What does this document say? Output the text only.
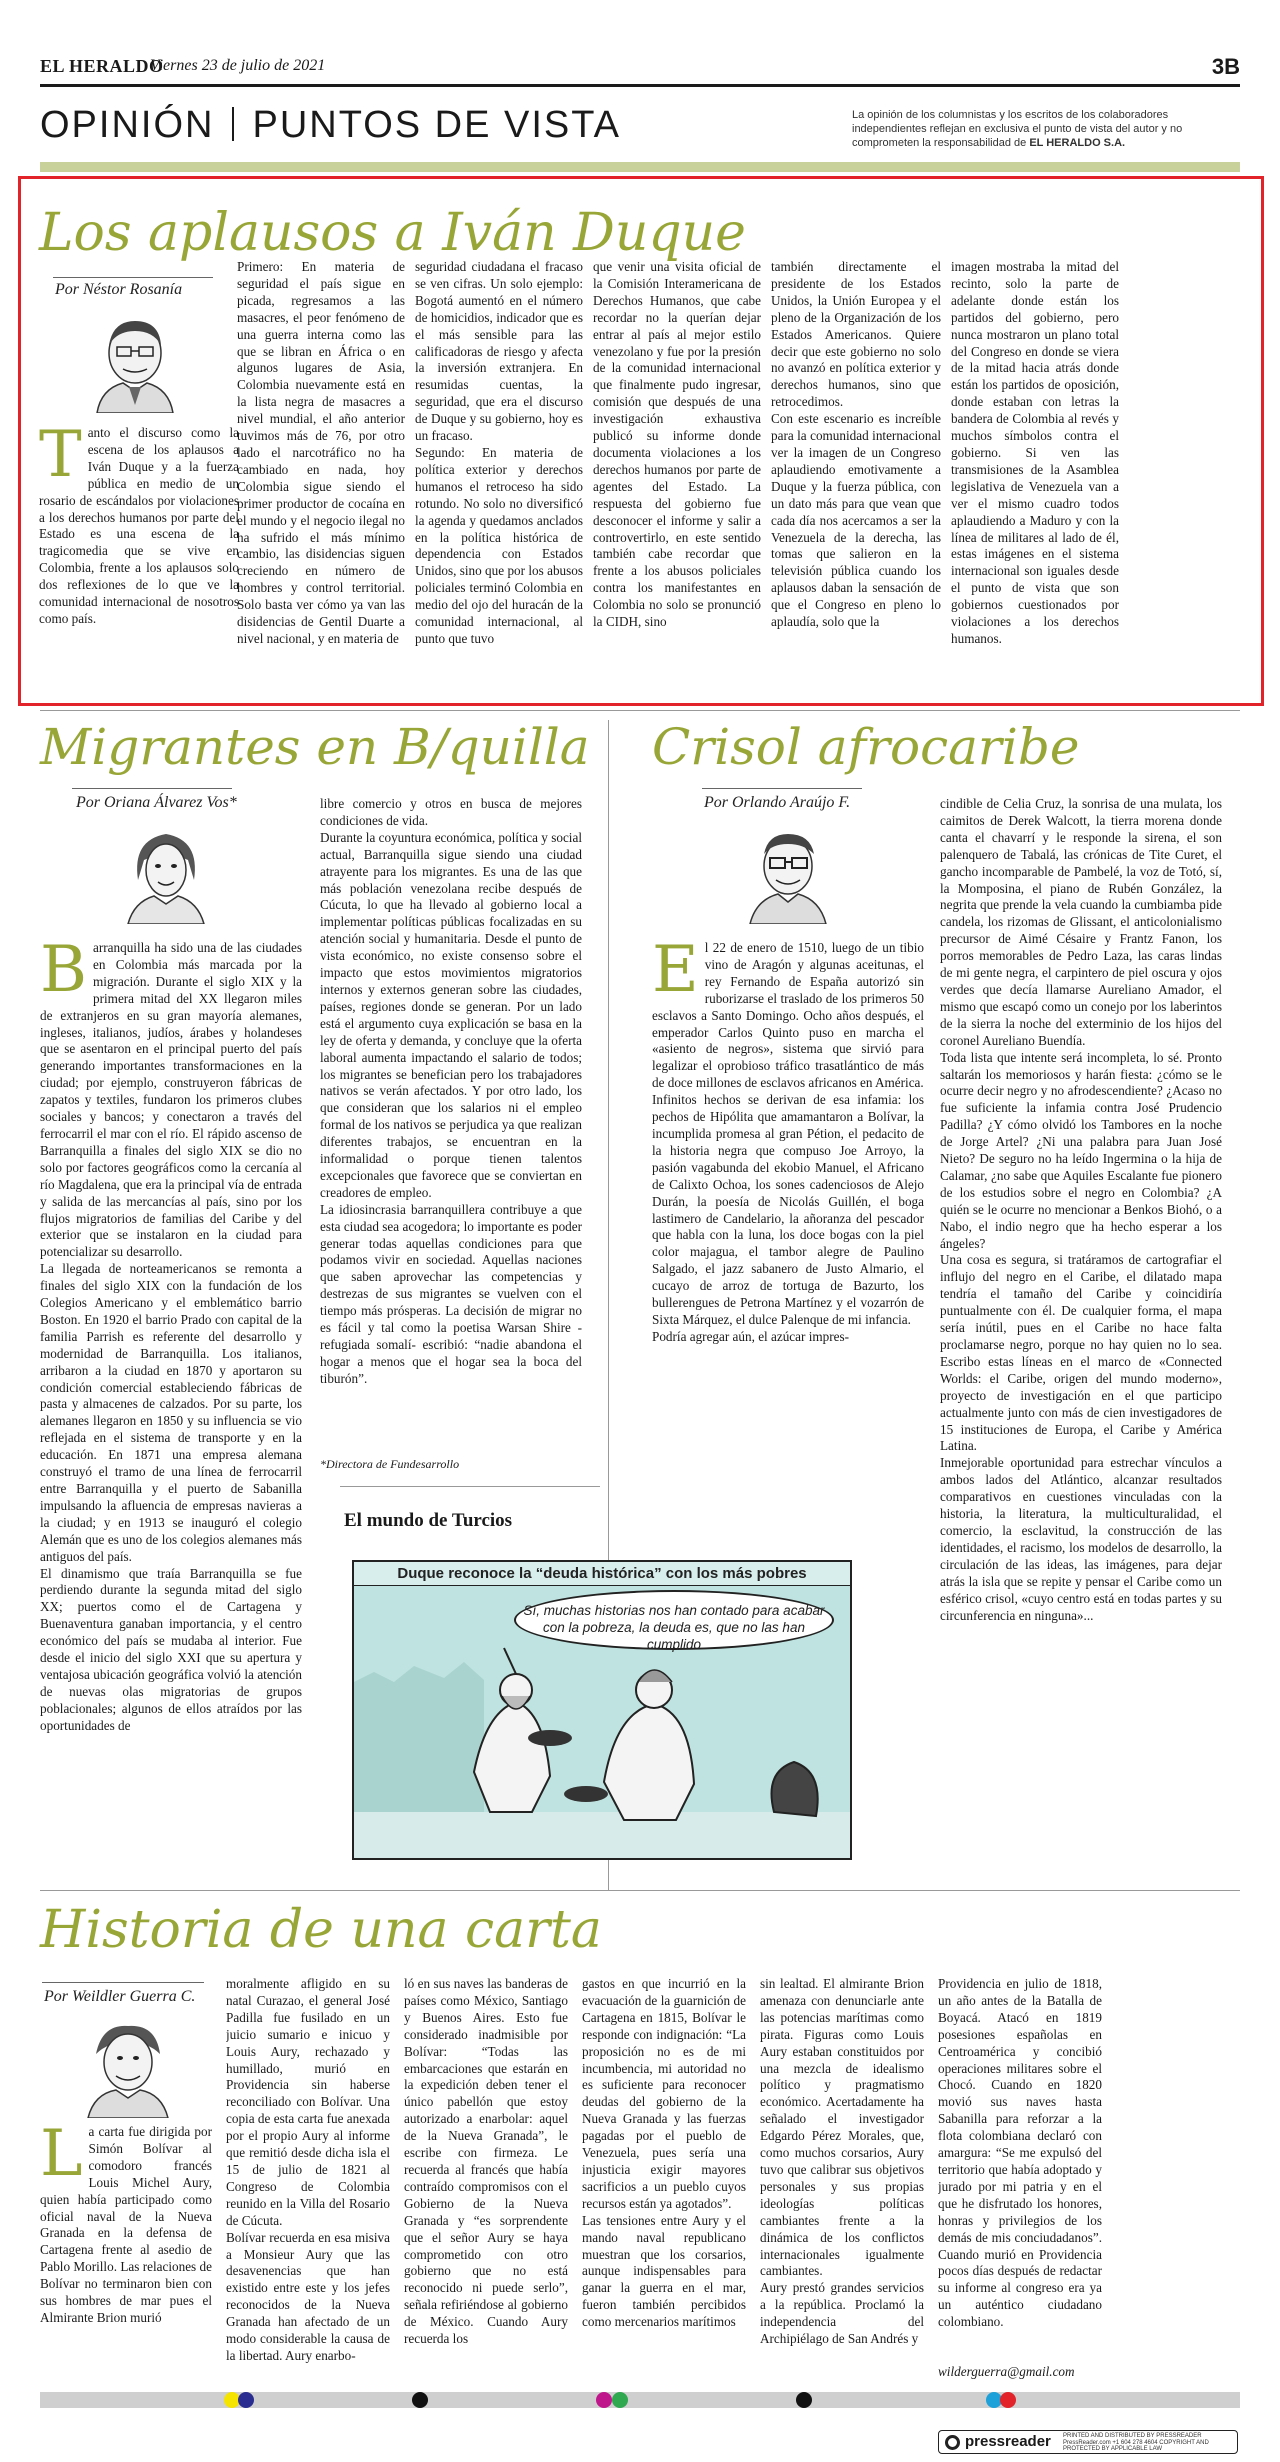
EL HERALDO
Viernes 23 de julio de 2021	3B
OPINIÓN PUNTOS DE VISTA	La opinión de los columnistas y los escritos de los colaboradores independientes reflejan en exclusiva el punto de vista del autor y no comprometen la responsabilidad de EL HERALDO S.A.
Los aplausos a Iván Duque
Por Néstor Rosanía
Tanto el discurso como la escena de los aplausos a Iván Duque y a la fuerza pública en medio de un rosario de escándalos por violaciones a los derechos humanos por parte del Estado es una escena de la tragicomedia que se vive en Colombia, frente a los aplausos solo dos reflexiones de lo que ve la comunidad internacional de nosotros como país.
Primero: En materia de seguridad el país sigue en picada, regresamos a las masacres, el peor fenómeno de una guerra interna como las que se libran en África o en algunos lugares de Asia, Colombia nuevamente está en la lista negra de masacres a nivel mundial, el año anterior tuvimos más de 76, por otro lado el narcotráfico no ha cambiado en nada, hoy Colombia sigue siendo el primer productor de cocaína en el mundo y el negocio ilegal no ha sufrido el más mínimo cambio, las disidencias siguen creciendo en número de hombres y control territorial. Solo basta ver cómo ya van las disidencias de Gentil Duarte a nivel nacional, y en materia de
seguridad ciudadana el fracaso se ven cifras. Un solo ejemplo: Bogotá aumentó en el número de homicidios, indicador que es el más sensible para las calificadoras de riesgo y afecta la inversión extranjera. En resumidas cuentas, la seguridad, que era el discurso de Duque y su gobierno, hoy es un fracaso.
Segundo: En materia de política exterior y derechos humanos el retroceso ha sido rotundo. No solo no diversificó la agenda y quedamos anclados en la política histórica de dependencia con Estados Unidos, sino que por los abusos policiales terminó Colombia en medio del ojo del huracán de la comunidad internacional, al punto que tuvo
que venir una visita oficial de la Comisión Interamericana de Derechos Humanos, que cabe recordar no la querían dejar entrar al país al mejor estilo venezolano y fue por la presión de la comunidad internacional que finalmente pudo ingresar, comisión que después de una investigación exhaustiva publicó su informe donde documenta violaciones a los derechos humanos por parte de agentes del Estado. La respuesta del gobierno fue desconocer el informe y salir a controvertirlo, en este sentido también cabe recordar que frente a los abusos policiales contra los manifestantes en Colombia no solo se pronunció la CIDH, sino
también directamente el presidente de los Estados Unidos, la Unión Europea y el pleno de la Organización de los Estados Americanos. Quiere decir que este gobierno no solo no avanzó en política exterior y derechos humanos, sino que retrocedimos.
Con este escenario es increíble para la comunidad internacional ver la imagen de un Congreso aplaudiendo emotivamente a Duque y la fuerza pública, con un dato más para que vean que cada día nos acercamos a ser la Venezuela de la derecha, las tomas que salieron en la televisión pública cuando los aplausos daban la sensación de que el Congreso en pleno lo aplaudía, solo que la
imagen mostraba la mitad del recinto, solo la parte de adelante donde están los partidos del gobierno, pero nunca mostraron un plano total del Congreso en donde se viera de la mitad hacia atrás donde están los partidos de oposición, donde estaban con letras la bandera de Colombia al revés y muchos símbolos contra el gobierno. Si ven las transmisiones de la Asamblea legislativa de Venezuela van a ver el mismo cuadro todos aplaudiendo a Maduro y con la línea de militares al lado de él, estas imágenes en el sistema internacional son iguales desde el punto de vista que son gobiernos cuestionados por violaciones a los derechos humanos.
Migrantes en B/quilla
Por Oriana Álvarez Vos*
Barranquilla ha sido una de las ciudades en Colombia más marcada por la migración. Durante el siglo XIX y la primera mitad del XX llegaron miles de extranjeros en su gran mayoría alemanes, ingleses, italianos, judíos, árabes y holandeses que se asentaron en el principal puerto del país generando importantes transformaciones en la ciudad; por ejemplo, construyeron fábricas de zapatos y textiles, fundaron los primeros clubes sociales y bancos; y conectaron a través del ferrocarril el mar con el río. El rápido ascenso de Barranquilla a finales del siglo XIX se dio no solo por factores geográficos como la cercanía al río Magdalena, que era la principal vía de entrada y salida de las mercancías al país, sino por los flujos migratorios de familias del Caribe y del exterior que se instalaron en la ciudad para potencializar su desarrollo.
La llegada de norteamericanos se remonta a finales del siglo XIX con la fundación de los Colegios Americano y el emblemático barrio Boston. En 1920 el barrio Prado con capital de la familia Parrish es referente del desarrollo y modernidad de Barranquilla. Los italianos, arribaron a la ciudad en 1870 y aportaron su condición comercial estableciendo fábricas de pasta y almacenes de calzados. Por su parte, los alemanes llegaron en 1850 y su influencia se vio reflejada en el sistema de transporte y en la educación. En 1871 una empresa alemana construyó el tramo de una línea de ferrocarril entre Barranquilla y el puerto de Sabanilla impulsando la afluencia de empresas navieras a la ciudad; y en 1913 se inauguró el colegio Alemán que es uno de los colegios alemanes más antiguos del país.
El dinamismo que traía Barranquilla se fue perdiendo durante la segunda mitad del siglo XX; puertos como el de Cartagena y Buenaventura ganaban importancia, y el centro económico del país se mudaba al interior. Fue desde el inicio del siglo XXI que su apertura y ventajosa ubicación geográfica volvió la atención de nuevas olas migratorias de grupos poblacionales; algunos de ellos atraídos por las oportunidades de
libre comercio y otros en busca de mejores condiciones de vida.
Durante la coyuntura económica, política y social actual, Barranquilla sigue siendo una ciudad atrayente para los migrantes. Es una de las que más población venezolana recibe después de Cúcuta, lo que ha llevado al gobierno local a implementar políticas públicas focalizadas en su atención social y humanitaria. Desde el punto de vista económico, no existe consenso sobre el impacto que estos movimientos migratorios internos y externos generan sobre las ciudades, países, regiones donde se generan. Por un lado está el argumento cuya explicación se basa en la ley de oferta y demanda, y concluye que la oferta laboral aumenta impactando el salario de todos; los migrantes se benefician pero los trabajadores nativos se verán afectados. Y por otro lado, los que consideran que los salarios ni el empleo formal de los nativos se perjudica ya que realizan diferentes trabajos, se encuentran en la informalidad o porque tienen talentos excepcionales que favorece que se conviertan en creadores de empleo.
La idiosincrasia barranquillera contribuye a que esta ciudad sea acogedora; lo importante es poder generar todas aquellas condiciones para que podamos vivir en sociedad. Aquellas naciones que saben aprovechar las competencias y destrezas de sus migrantes se vuelven con el tiempo más prósperas. La decisión de migrar no es fácil y tal como la poetisa Warsan Shire -refugiada somalí- escribió: “nadie abandona el hogar a menos que el hogar sea la boca del tiburón”.
*Directora de Fundesarrollo
El mundo de Turcios
Duque reconoce la “deuda histórica” con los más pobres
Sí, muchas historias nos han contado para acabar con la pobreza, la deuda es, que no las han cumplido
Crisol afrocaribe
Por Orlando Araújo F.
El 22 de enero de 1510, luego de un tibio vino de Aragón y algunas aceitunas, el rey Fernando de España autorizó sin ruborizarse el traslado de los primeros 50 esclavos a Santo Domingo. Ocho años después, el emperador Carlos Quinto puso en marcha el «asiento de negros», sistema que sirvió para legalizar el oprobioso tráfico trasatlántico de más de doce millones de esclavos africanos en América.
Infinitos hechos se derivan de esa infamia: los pechos de Hipólita que amamantaron a Bolívar, la incumplida promesa al gran Pétion, el pedacito de la historia negra que compuso Joe Arroyo, la pasión vagabunda del ekobio Manuel, el Africano de Calixto Ochoa, los sones cadenciosos de Alejo Durán, la poesía de Nicolás Guillén, el boga lastimero de Candelario, la añoranza del pescador que habla con la luna, los doce bogas con la piel color majagua, el tambor alegre de Paulino Salgado, el jazz sabanero de Justo Almario, el cucayo de arroz de tortuga de Bazurto, los bullerengues de Petrona Martínez y el vozarrón de Sixta Márquez, el dulce Palenque de mi infancia.
Podría agregar aún, el azúcar impres-
cindible de Celia Cruz, la sonrisa de una mulata, los caimitos de Derek Walcott, la tierra morena donde canta el chavarrí y le responde la sirena, el son palenquero de Tabalá, las crónicas de Tite Curet, el gancho incomparable de Pambelé, la voz de Totó, sí, la Momposina, el piano de Rubén González, la negrita que prende la vela cuando la cumbiamba pide candela, los rizomas de Glissant, el anticolonialismo precursor de Aimé Césaire y Frantz Fanon, los porros memorables de Pedro Laza, las caras lindas de mi gente negra, el carpintero de piel oscura y ojos verdes que decía llamarse Aureliano Amador, el mismo que escapó como un conejo por los laberintos de la sierra la noche del exterminio de los hijos del coronel Aureliano Buendía.
Toda lista que intente será incompleta, lo sé. Pronto saltarán los memoriosos y harán fiesta: ¿cómo se le ocurre decir negro y no afrodescendiente? ¿Acaso no fue suficiente la infamia contra José Prudencio Padilla? ¿Y cómo olvidó los Tambores en la noche de Jorge Artel? ¿Ni una palabra para Juan José Nieto? De seguro no ha leído Ingermina o la hija de Calamar, ¿no sabe que Aquiles Escalante fue pionero de los estudios sobre el negro en Colombia? ¿A quién se le ocurre no mencionar a Benkos Biohó, o a Nabo, el indio negro que ha hecho esperar a los ángeles?
Una cosa es segura, si tratáramos de cartografiar el influjo del negro en el Caribe, el dilatado mapa tendría el tamaño del Caribe y coincidiría puntualmente con él. De cualquier forma, el mapa sería inútil, pues en el Caribe no hace falta proclamarse negro, porque no hay quien no lo sea. Escribo estas líneas en el marco de «Connected Worlds: el Caribe, origen del mundo moderno», proyecto de investigación en el que participo actualmente junto con más de cien investigadores de 15 instituciones de Europa, el Caribe y América Latina.
Inmejorable oportunidad para estrechar vínculos a ambos lados del Atlántico, alcanzar resultados comparativos en cuestiones vinculadas con la historia, la literatura, la multiculturalidad, el comercio, la esclavitud, la construcción de las identidades, el racismo, los modelos de desarrollo, la circulación de las ideas, las imágenes, para dejar atrás la isla que se repite y pensar el Caribe como un esférico crisol, «cuyo centro está en todas partes y su circunferencia en ninguna»...
Historia de una carta
Por Weildler Guerra C.
La carta fue dirigida por Simón Bolívar al comodoro francés Louis Michel Aury, quien había participado como oficial naval de la Nueva Granada en la defensa de Cartagena frente al asedio de Pablo Morillo. Las relaciones de Bolívar no terminaron bien con sus hombres de mar pues el Almirante Brion murió
moralmente afligido en su natal Curazao, el general José Padilla fue fusilado en un juicio sumario e inicuo y Louis Aury, rechazado y humillado, murió en Providencia sin haberse reconciliado con Bolívar. Una copia de esta carta fue anexada por el propio Aury al informe que remitió desde dicha isla el 15 de julio de 1821 al Congreso de Colombia reunido en la Villa del Rosario de Cúcuta.
Bolívar recuerda en esa misiva a Monsieur Aury que las desavenencias que han existido entre este y los jefes reconocidos de la Nueva Granada han afectado de un modo considerable la causa de la libertad. Aury enarbo-
ló en sus naves las banderas de países como México, Santiago y Buenos Aires. Esto fue considerado inadmisible por Bolívar: “Todas las embarcaciones que estarán en la expedición deben tener el único pabellón que estoy autorizado a enarbolar: aquel de la Nueva Granada”, le escribe con firmeza. Le recuerda al francés que había contraído compromisos con el Gobierno de la Nueva Granada y “es sorprendente que el señor Aury se haya comprometido con otro gobierno que no está reconocido ni puede serlo”, señala refiriéndose al gobierno de México. Cuando Aury recuerda los
gastos en que incurrió en la evacuación de la guarnición de Cartagena en 1815, Bolívar le responde con indignación: “La proposición no es de mi incumbencia, mi autoridad no es suficiente para reconocer deudas del gobierno de la Nueva Granada y las fuerzas pagadas por el pueblo de Venezuela, pues sería una injusticia exigir mayores sacrificios a un pueblo cuyos recursos están ya agotados”.
Las tensiones entre Aury y el mando naval republicano muestran que los corsarios, aunque indispensables para ganar la guerra en el mar, fueron también percibidos como mercenarios marítimos
sin lealtad. El almirante Brion amenaza con denunciarle ante las potencias marítimas como pirata. Figuras como Louis Aury estaban constituidos por una mezcla de idealismo político y pragmatismo económico. Acertadamente ha señalado el investigador Edgardo Pérez Morales, que, como muchos corsarios, Aury tuvo que calibrar sus objetivos personales y sus propias ideologías políticas cambiantes frente a la dinámica de los conflictos internacionales igualmente cambiantes.
Aury prestó grandes servicios a la república. Proclamó la independencia del Archipiélago de San Andrés y
Providencia en julio de 1818, un año antes de la Batalla de Boyacá. Atacó en 1819 posesiones españolas en Centroamérica y concibió operaciones militares sobre el Chocó. Cuando en 1820 movió sus naves hasta Sabanilla para reforzar a la flota colombiana declaró con amargura: “Se me expulsó del territorio que había adoptado y jurado por mi patria y en el que he disfrutado los honores, honras y privilegios de los demás de mis conciudadanos”. Cuando murió en Providencia pocos días después de redactar su informe al congreso era ya un auténtico ciudadano colombiano.
wilderguerra@gmail.com
pressreader PRINTED AND DISTRIBUTED BY PRESSREADER PressReader.com +1 604 278 4604 COPYRIGHT AND PROTECTED BY APPLICABLE LAW
